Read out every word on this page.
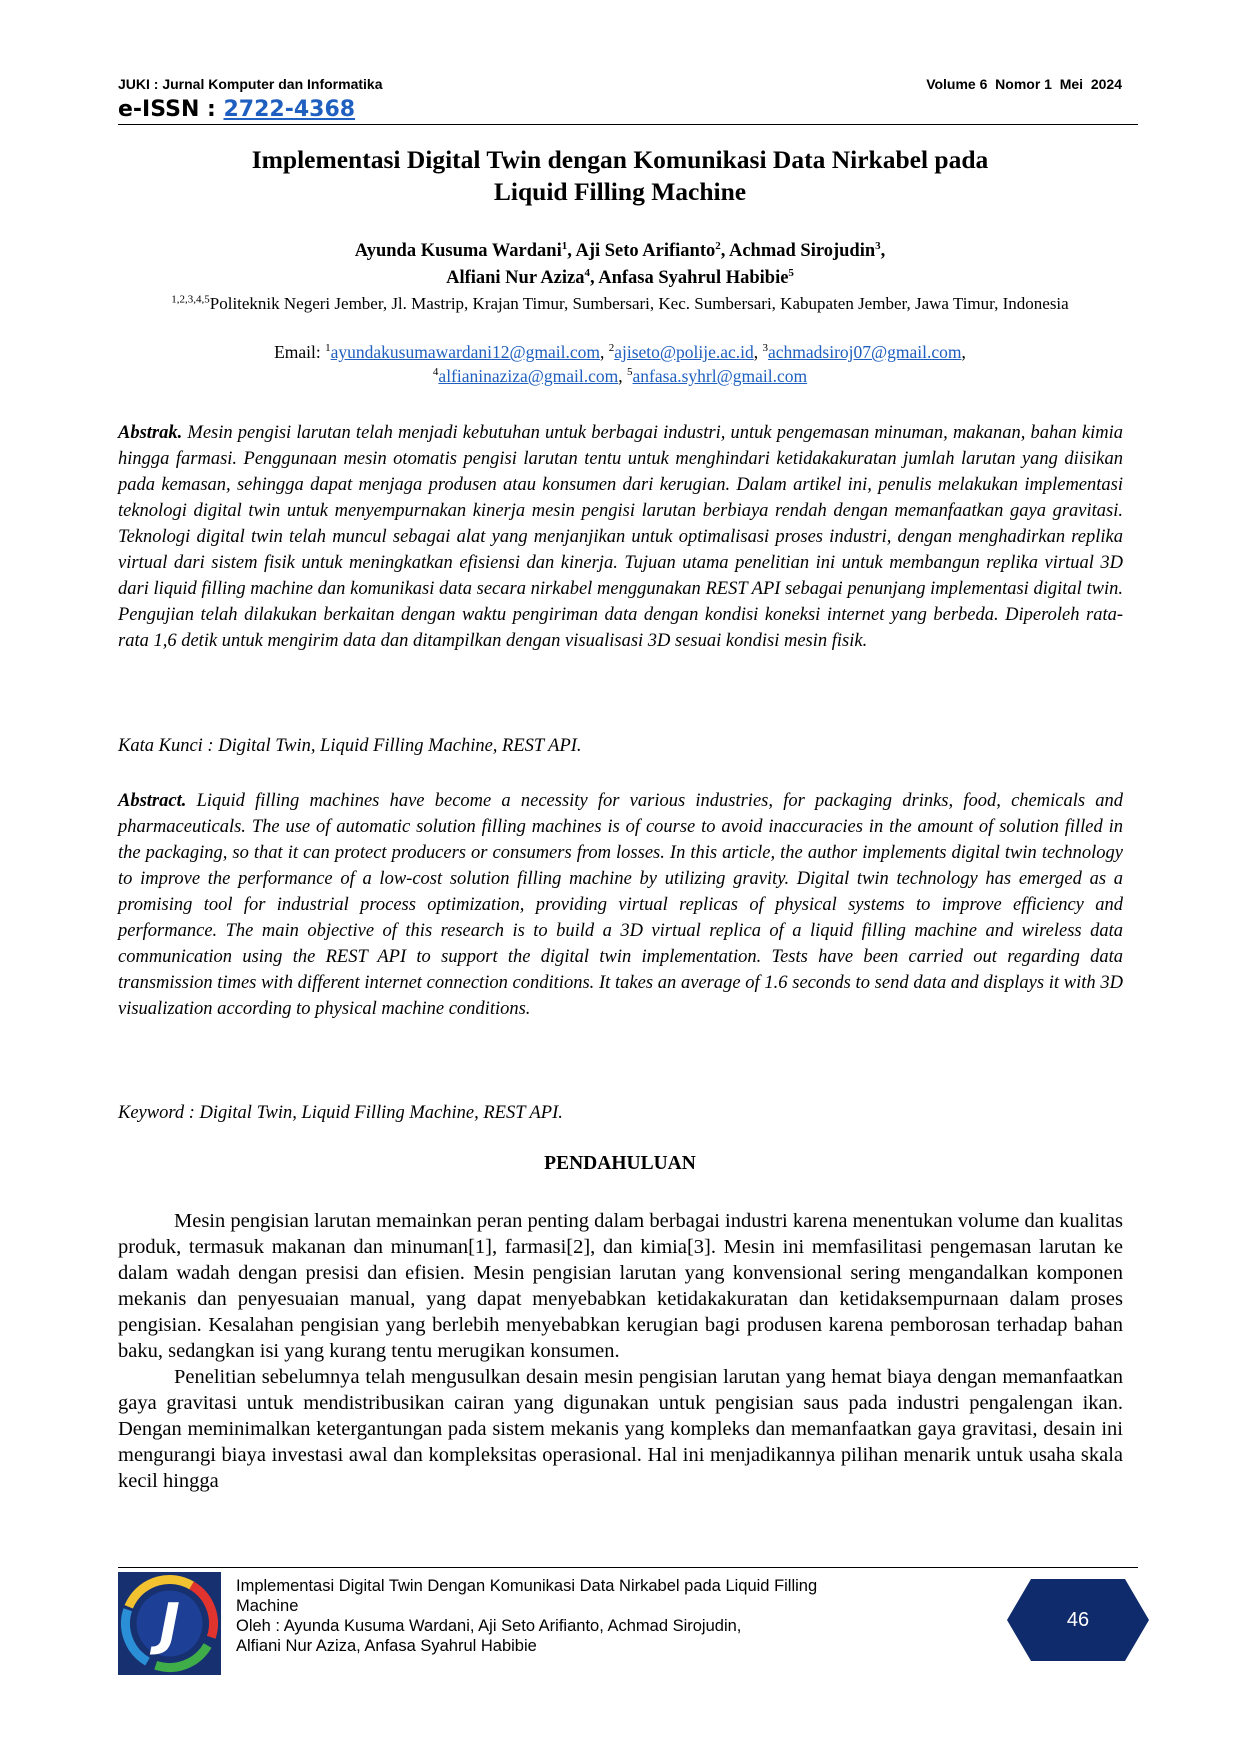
JUKI : Jurnal Komputer dan Informatika	Volume 6  Nomor 1  Mei  2024
e-ISSN : 2722-4368
Implementasi Digital Twin dengan Komunikasi Data Nirkabel pada
Liquid Filling Machine
Ayunda Kusuma Wardani$^1$, Aji Seto Arifianto$^2$, Achmad Sirojudin$^3$,
Alfiani Nur Aziza$^4$, Anfasa Syahrul Habibie$^5$
$^{1,2,3,4,5}$Politeknik Negeri Jember, Jl. Mastrip, Krajan Timur, Sumbersari, Kec. Sumbersari, Kabupaten Jember, Jawa Timur, Indonesia
Email: $^1$ayundakusumawardani12@gmail.com, $^2$ajiseto@polije.ac.id, $^3$achmadsiroj07@gmail.com,
$^4$alfianinaziza@gmail.com, $^5$anfasa.syhrl@gmail.com
Abstrak. Mesin pengisi larutan telah menjadi kebutuhan untuk berbagai industri, untuk pengemasan minuman, makanan, bahan kimia hingga farmasi. Penggunaan mesin otomatis pengisi larutan tentu untuk menghindari ketidakakuratan jumlah larutan yang diisikan pada kemasan, sehingga dapat menjaga produsen atau konsumen dari kerugian. Dalam artikel ini, penulis melakukan implementasi teknologi digital twin untuk menyempurnakan kinerja mesin pengisi larutan berbiaya rendah dengan memanfaatkan gaya gravitasi. Teknologi digital twin telah muncul sebagai alat yang menjanjikan untuk optimalisasi proses industri, dengan menghadirkan replika virtual dari sistem fisik untuk meningkatkan efisiensi dan kinerja. Tujuan utama penelitian ini untuk membangun replika virtual 3D dari liquid filling machine dan komunikasi data secara nirkabel menggunakan REST API sebagai penunjang implementasi digital twin. Pengujian telah dilakukan berkaitan dengan waktu pengiriman data dengan kondisi koneksi internet yang berbeda. Diperoleh rata-rata 1,6 detik untuk mengirim data dan ditampilkan dengan visualisasi 3D sesuai kondisi mesin fisik.
Kata Kunci : Digital Twin, Liquid Filling Machine, REST API.
Abstract. Liquid filling machines have become a necessity for various industries, for packaging drinks, food, chemicals and pharmaceuticals. The use of automatic solution filling machines is of course to avoid inaccuracies in the amount of solution filled in the packaging, so that it can protect producers or consumers from losses. In this article, the author implements digital twin technology to improve the performance of a low-cost solution filling machine by utilizing gravity. Digital twin technology has emerged as a promising tool for industrial process optimization, providing virtual replicas of physical systems to improve efficiency and performance. The main objective of this research is to build a 3D virtual replica of a liquid filling machine and wireless data communication using the REST API to support the digital twin implementation. Tests have been carried out regarding data transmission times with different internet connection conditions. It takes an average of 1.6 seconds to send data and displays it with 3D visualization according to physical machine conditions.
Keyword : Digital Twin, Liquid Filling Machine, REST API.
PENDAHULUAN

Mesin pengisian larutan memainkan peran penting dalam berbagai industri karena menentukan volume dan kualitas produk, termasuk makanan dan minuman[1], farmasi[2], dan kimia[3]. Mesin ini memfasilitasi pengemasan larutan ke dalam wadah dengan presisi dan efisien. Mesin pengisian larutan yang konvensional sering mengandalkan komponen mekanis dan penyesuaian manual, yang dapat menyebabkan ketidakakuratan dan ketidaksempurnaan dalam proses pengisian. Kesalahan pengisian yang berlebih menyebabkan kerugian bagi produsen karena pemborosan terhadap bahan baku, sedangkan isi yang kurang tentu merugikan konsumen.

Penelitian sebelumnya telah mengusulkan desain mesin pengisian larutan yang hemat biaya dengan memanfaatkan gaya gravitasi untuk mendistribusikan cairan yang digunakan untuk pengisian saus pada industri pengalengan ikan. Dengan meminimalkan ketergantungan pada sistem mekanis yang kompleks dan memanfaatkan gaya gravitasi, desain ini mengurangi biaya investasi awal dan kompleksitas operasional. Hal ini menjadikannya pilihan menarik untuk usaha skala kecil hingga

J
Implementasi Digital Twin Dengan Komunikasi Data Nirkabel pada Liquid Filling
Machine
Oleh : Ayunda Kusuma Wardani, Aji Seto Arifianto, Achmad Sirojudin,
Alfiani Nur Aziza, Anfasa Syahrul Habibie
46
